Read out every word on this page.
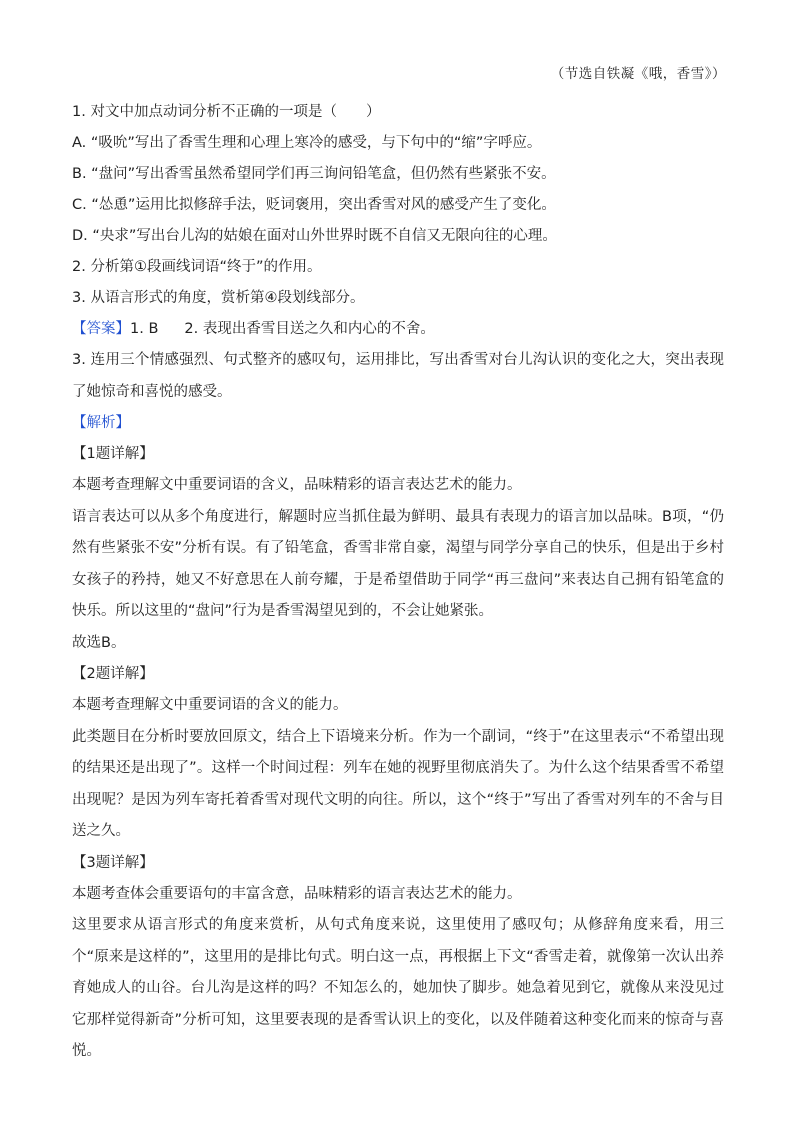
（节选自铁凝《哦，香雪》）

1. 对文中加点动词分析不正确的一项是（　　）

A. “吸吮”写出了香雪生理和心理上寒冷的感受，与下句中的“缩”字呼应。

B. “盘问”写出香雪虽然希望同学们再三询问铅笔盒，但仍然有些紧张不安。

C. “怂恿”运用比拟修辞手法，贬词褒用，突出香雪对风的感受产生了变化。

D. “央求”写出台儿沟的姑娘在面对山外世界时既不自信又无限向往的心理。

2. 分析第①段画线词语“终于”的作用。

3. 从语言形式的角度，赏析第④段划线部分。

【答案】1. B 2. 表现出香雪目送之久和内心的不舍。

3. 连用三个情感强烈、句式整齐的感叹句，运用排比，写出香雪对台儿沟认识的变化之大，突出表现了她惊奇和喜悦的感受。

【解析】

【1题详解】

本题考查理解文中重要词语的含义，品味精彩的语言表达艺术的能力。

语言表达可以从多个角度进行，解题时应当抓住最为鲜明、最具有表现力的语言加以品味。B项，“仍然有些紧张不安”分析有误。有了铅笔盒，香雪非常自豪，渴望与同学分享自己的快乐，但是出于乡村女孩子的矜持，她又不好意思在人前夸耀，于是希望借助于同学“再三盘问”来表达自己拥有铅笔盒的快乐。所以这里的“盘问”行为是香雪渴望见到的，不会让她紧张。

故选B。

【2题详解】

本题考查理解文中重要词语的含义的能力。

此类题目在分析时要放回原文，结合上下语境来分析。作为一个副词，“终于”在这里表示“不希望出现的结果还是出现了”。这样一个时间过程：列车在她的视野里彻底消失了。为什么这个结果香雪不希望出现呢？是因为列车寄托着香雪对现代文明的向往。所以，这个“终于”写出了香雪对列车的不舍与目送之久。

【3题详解】

本题考查体会重要语句的丰富含意，品味精彩的语言表达艺术的能力。

这里要求从语言形式的角度来赏析，从句式角度来说，这里使用了感叹句；从修辞角度来看，用三个“原来是这样的”，这里用的是排比句式。明白这一点，再根据上下文“香雪走着，就像第一次认出养育她成人的山谷。台儿沟是这样的吗？不知怎么的，她加快了脚步。她急着见到它，就像从来没见过它那样觉得新奇”分析可知，这里要表现的是香雪认识上的变化，以及伴随着这种变化而来的惊奇与喜悦。
